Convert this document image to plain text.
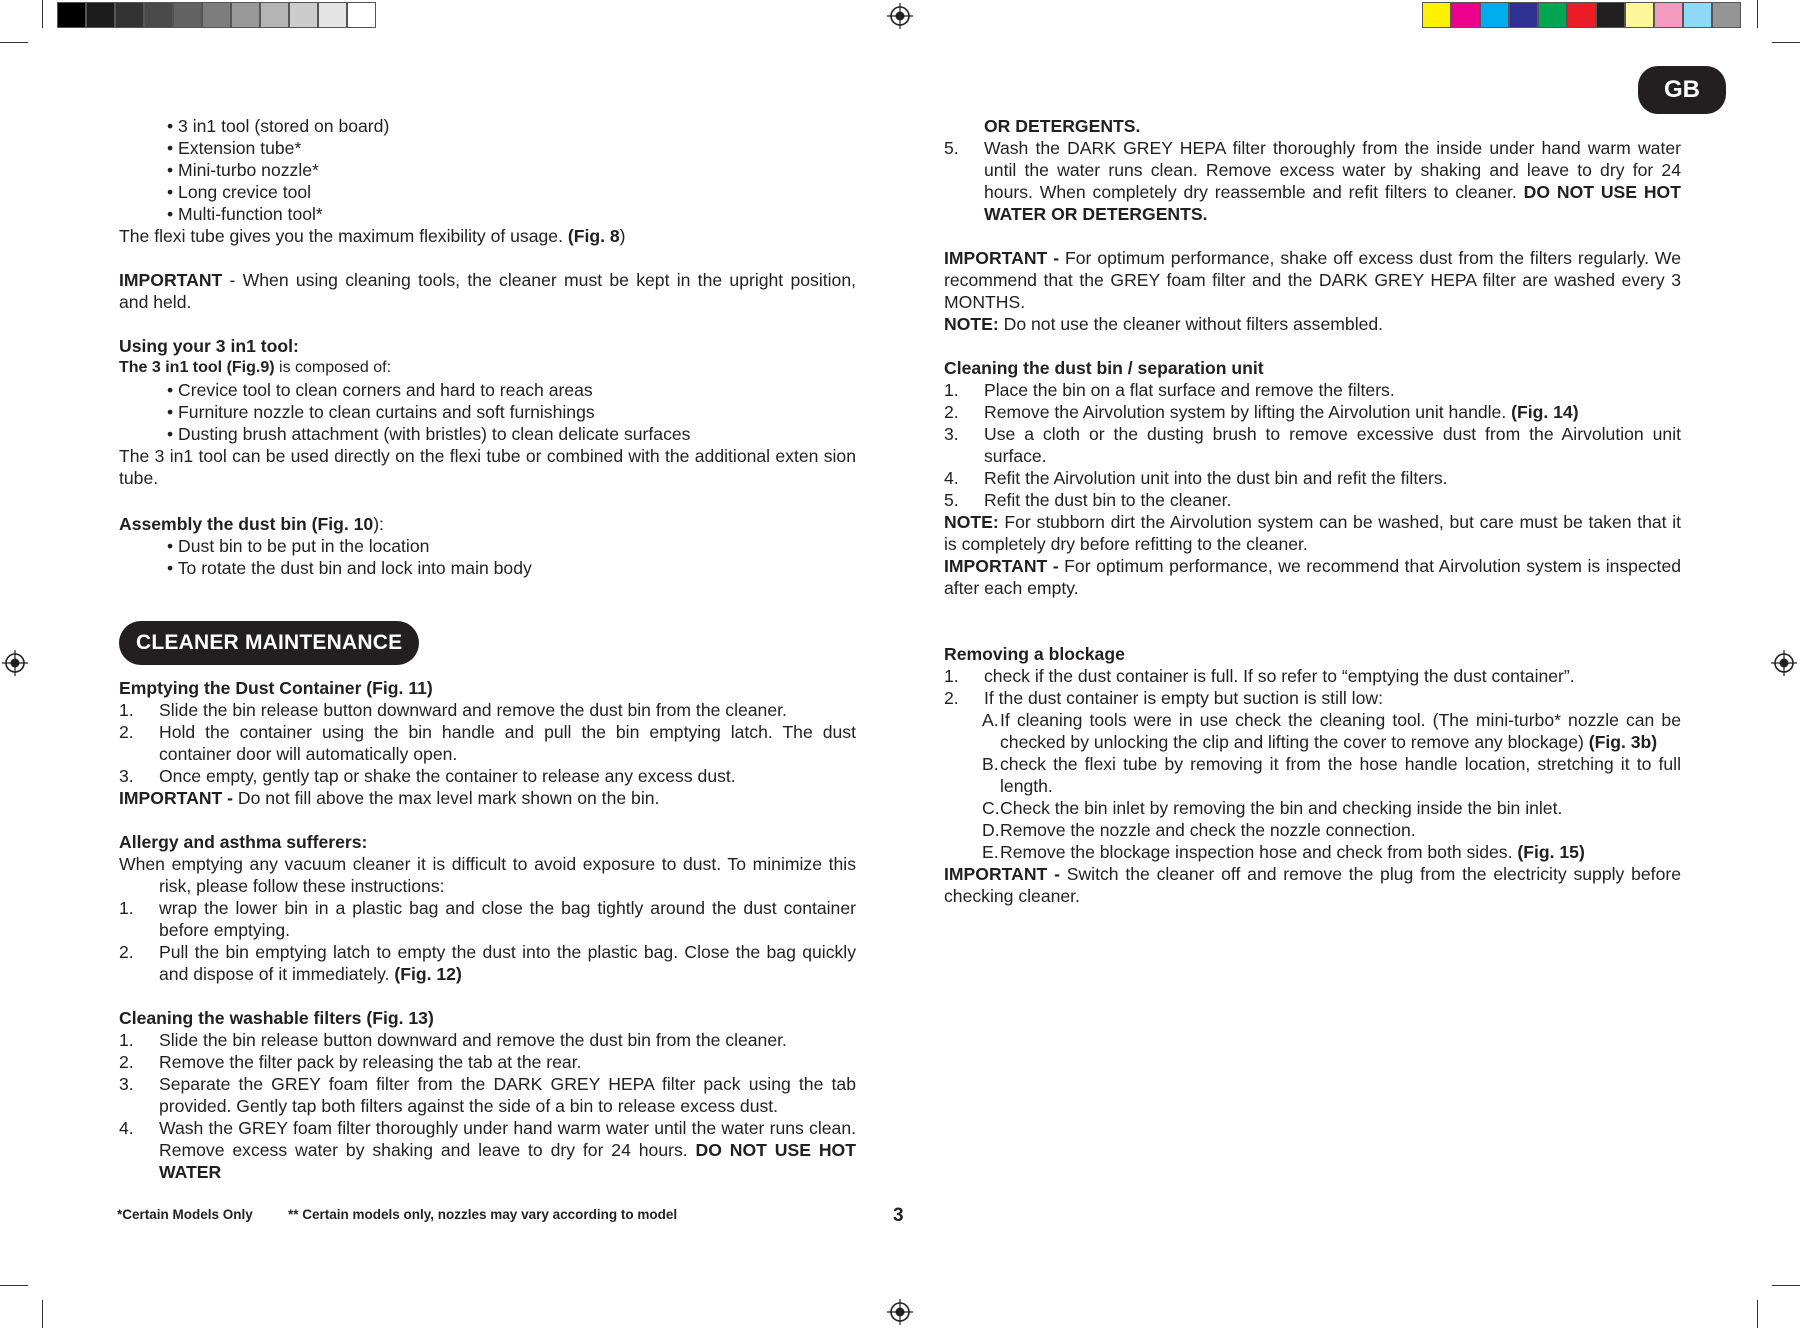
GB

• 3 in1 tool (stored on board)

• Extension tube*

• Mini-turbo nozzle*

• Long crevice tool

• Multi-function tool*

The flexi tube gives you the maximum flexibility of usage. (Fig. 8)

IMPORTANT - When using cleaning tools, the cleaner must be kept in the upright position, and held.

Using your 3 in1 tool:

The 3 in1 tool (Fig.9) is composed of:

• Crevice tool to clean corners and hard to reach areas

• Furniture nozzle to clean curtains and soft furnishings

• Dusting brush attachment (with bristles) to clean delicate surfaces

The 3 in1 tool can be used directly on the flexi tube or combined with the additional exten sion tube.

Assembly the dust bin (Fig. 10):

• Dust bin to be put in the location

• To rotate the dust bin and lock into main body

CLEANER MAINTENANCE

Emptying the Dust Container (Fig. 11)

1. Slide the bin release button downward and remove the dust bin from the cleaner.
2. Hold the container using the bin handle and pull the bin emptying latch. The dust container door will automatically open.
3. Once empty, gently tap or shake the container to release any excess dust.

IMPORTANT - Do not fill above the max level mark shown on the bin.

Allergy and asthma sufferers:

When emptying any vacuum cleaner it is difficult to avoid exposure to dust. To minimize this risk, please follow these instructions:

1. wrap the lower bin in a plastic bag and close the bag tightly around the dust container before emptying.
2. Pull the bin emptying latch to empty the dust into the plastic bag. Close the bag quickly and dispose of it immediately. (Fig. 12)

Cleaning the washable filters (Fig. 13)

1. Slide the bin release button downward and remove the dust bin from the cleaner.
2. Remove the filter pack by releasing the tab at the rear.
3. Separate the GREY foam filter from the DARK GREY HEPA filter pack using the tab provided. Gently tap both filters against the side of a bin to release excess dust.
4. Wash the GREY foam filter thoroughly under hand warm water until the water runs clean. Remove excess water by shaking and leave to dry for 24 hours. DO NOT USE HOT WATER

OR DETERGENTS.

5. Wash the DARK GREY HEPA filter thoroughly from the inside under hand warm water until the water runs clean. Remove excess water by shaking and leave to dry for 24 hours. When completely dry reassemble and refit filters to cleaner. DO NOT USE HOT WATER OR DETERGENTS.

IMPORTANT - For optimum performance, shake off excess dust from the filters regularly. We recommend that the GREY foam filter and the DARK GREY HEPA filter are washed every 3 MONTHS.

NOTE: Do not use the cleaner without filters assembled.

Cleaning the dust bin / separation unit

1. Place the bin on a flat surface and remove the filters.
2. Remove the Airvolution system by lifting the Airvolution unit handle. (Fig. 14)
3. Use a cloth or the dusting brush to remove excessive dust from the Airvolution unit surface.
4. Refit the Airvolution unit into the dust bin and refit the filters.
5. Refit the dust bin to the cleaner.

NOTE: For stubborn dirt the Airvolution system can be washed, but care must be taken that it is completely dry before refitting to the cleaner.

IMPORTANT - For optimum performance, we recommend that Airvolution system is inspected after each empty.

Removing a blockage

1. check if the dust container is full. If so refer to “emptying the dust container”.
2. If the dust container is empty but suction is still low:
A. If cleaning tools were in use check the cleaning tool. (The mini-turbo* nozzle can be checked by unlocking the clip and lifting the cover to remove any blockage) (Fig. 3b)
B. check the flexi tube by removing it from the hose handle location, stretching it to full length.
C. Check the bin inlet by removing the bin and checking inside the bin inlet.
D. Remove the nozzle and check the nozzle connection.
E. Remove the blockage inspection hose and check from both sides. (Fig. 15)

IMPORTANT - Switch the cleaner off and remove the plug from the electricity supply before checking cleaner.

*Certain Models Only	** Certain models only, nozzles may vary according to model	3
